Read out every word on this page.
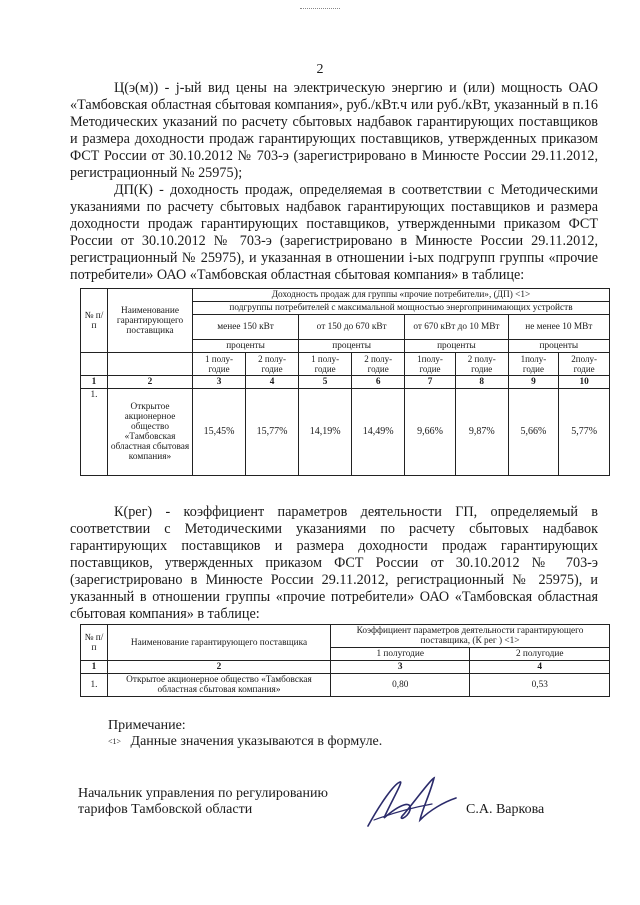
2

Ц(э(м)) - j-ый вид цены на электрическую энергию и (или) мощность ОАО «Тамбовская областная сбытовая компания», руб./кВт.ч или руб./кВт, указанный в п.16 Методических указаний по расчету сбытовых надбавок гарантирующих поставщиков и размера доходности продаж гарантирующих поставщиков, утвержденных приказом ФСТ России от 30.10.2012 № 703-э (зарегистрировано в Минюсте России 29.11.2012, регистрационный № 25975);

ДП(К) - доходность продаж, определяемая в соответствии с Методическими указаниями по расчету сбытовых надбавок гарантирующих поставщиков и размера доходности продаж гарантирующих поставщиков, утвержденными приказом ФСТ России от 30.10.2012 № 703-э (зарегистрировано в Минюсте России 29.11.2012, регистрационный № 25975), и указанная в отношении i-ых подгрупп группы «прочие потребители» ОАО «Тамбовская областная сбытовая компания» в таблице:

№ п/п	Наименование гарантирующего поставщика	Доходность продаж для группы «прочие потребители», (ДП) <1>							
		подгруппы потребителей с максимальной мощностью энергопринимающих устройств							
		менее 150 кВт		от 150 до 670 кВт		от 670 кВт до 10 МВт		не менее 10 МВт	
		проценты		проценты		проценты		проценты	
		1 полу-годие	2 полу-годие	1 полу-годие	2 полу-годие	1полу-годие	2 полу-годие	1полу-годие	2полу-годие
1	2	3	4	5	6	7	8	9	10
1.	Открытое акционерное общество «Тамбовская областная сбытовая компания»	15,45%	15,77%	14,19%	14,49%	9,66%	9,87%	5,66%	5,77%

К(рег) - коэффициент параметров деятельности ГП, определяемый в соответствии с Методическими указаниями по расчету сбытовых надбавок гарантирующих поставщиков и размера доходности продаж гарантирующих поставщиков, утвержденных приказом ФСТ России от 30.10.2012 № 703-э (зарегистрировано в Минюсте России 29.11.2012, регистрационный № 25975), и указанный в отношении группы «прочие потребители» ОАО «Тамбовская областная сбытовая компания» в таблице:

№ п/п	Наименование гарантирующего поставщика	Коэффициент параметров деятельности гарантирующего поставщика, (К рег ) <1>	
		1 полугодие	2 полугодие
1	2	3	4
1.	Открытое акционерное общество «Тамбовская областная сбытовая компания»	0,80	0,53
Примечание:
$^{<1>}$ Данные значения указываются в формуле.
Начальник управления по регулированию
тарифов Тамбовской области	С.А. Варкова
